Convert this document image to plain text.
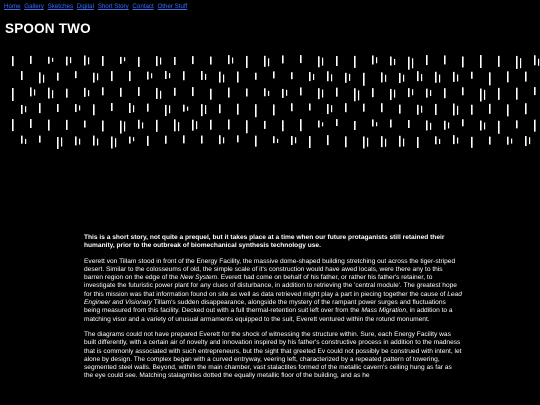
Home Gallery Sketches Digital Short Story Contact Other Stuff
SPOON TWO

This is a short story, not quite a prequel, but it takes place at a time when our future protaganists still retained their humanity, prior to the outbreak of biomechanical synthesis technology use.

Everett von Tillam stood in front of the Energy Facility, the massive dome-shaped building stretching out across the tiger-striped desert. Similar to the colosseums of old, the simple scale of it's construction would have awed locals, were there any to this barren region on the edge of the New System. Everett had come on behalf of his father, or rather his father's retainer, to investigate the futuristic power plant for any clues of disturbance, in addition to retrieving the 'central module'. The greatest hope for this mission was that information found on site as well as data retrieved might play a part in piecing together the cause of Lead Engineer and Visionary Tillam's sudden disappearance, alongside the mystery of the rampant power surges and fluctuations being measured from this facility. Decked out with a full thermal-retention suit left over from the Mass Migration, in addition to a matching visor and a variety of unusual armaments equipped to the suit, Everett ventured within the rotund monument.

The diagrams could not have prepared Everett for the shock of witnessing the structure within. Sure, each Energy Facility was built differently, with a certain air of novelty and innovation inspired by his father's constructive process in addition to the madness that is commonly associated with such entrepreneurs, but the sight that greeted Ev could not possibly be construed with intent, let alone by design. The complex began with a curved entryway, veering left, characterized by a repeated pattern of towering, segmented steel walls. Beyond, within the main chamber, vast stalactites formed of the metallic cavern's ceiling hung as far as the eye could see. Matching stalagmites dotted the equally metallic floor of the building, and as he
